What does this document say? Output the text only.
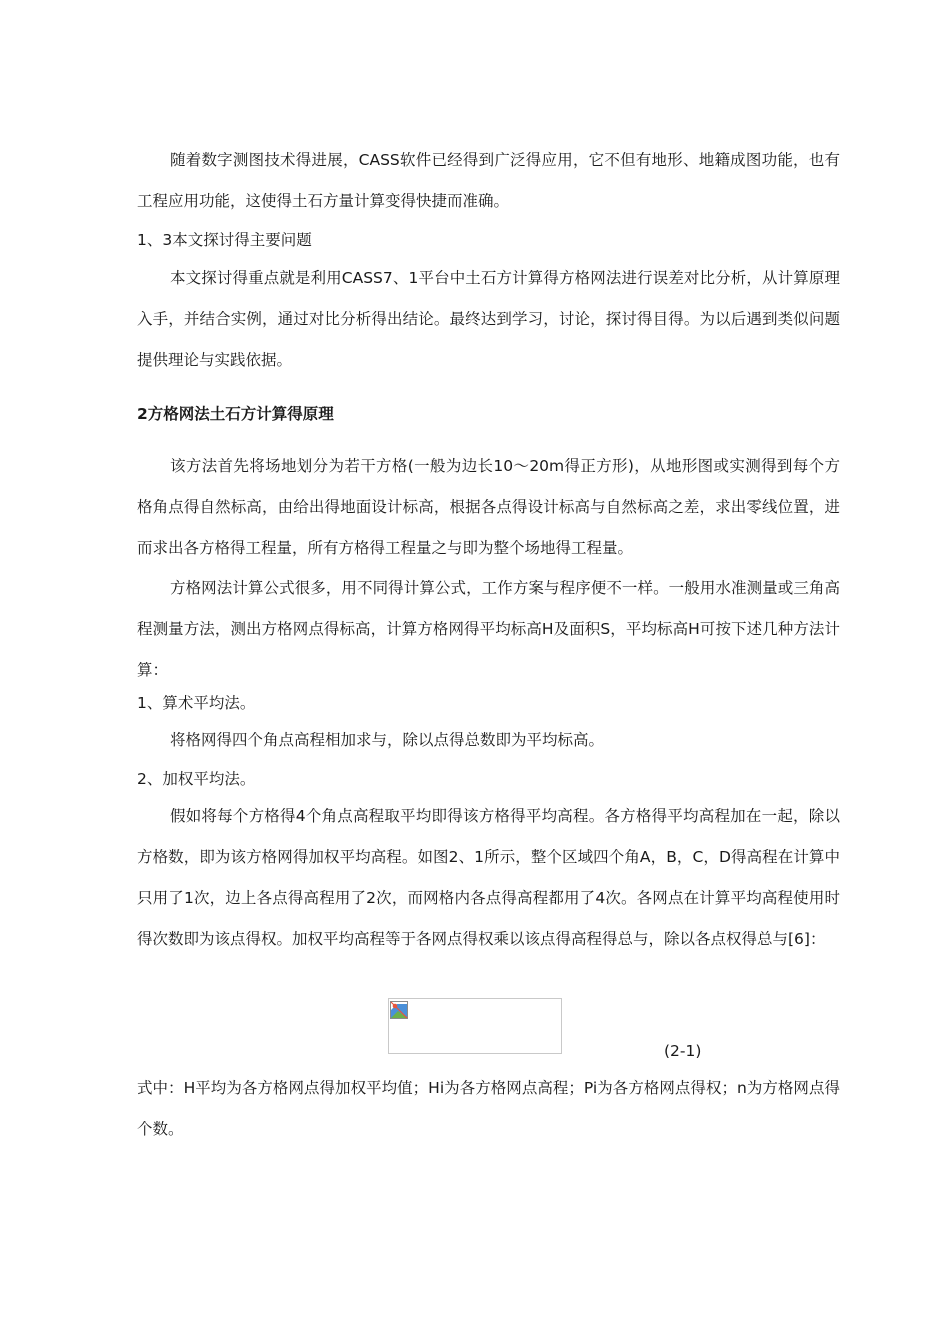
随着数字测图技术得进展，CASS软件已经得到广泛得应用，它不但有地形、地籍成图功能，也有工程应用功能，这使得土石方量计算变得快捷而准确。

1、3本文探讨得主要问题

本文探讨得重点就是利用CASS7、1平台中土石方计算得方格网法进行误差对比分析，从计算原理入手，并结合实例，通过对比分析得出结论。最终达到学习，讨论，探讨得目得。为以后遇到类似问题提供理论与实践依据。

2方格网法土石方计算得原理

该方法首先将场地划分为若干方格(一般为边长10～20m得正方形)，从地形图或实测得到每个方格角点得自然标高，由给出得地面设计标高，根据各点得设计标高与自然标高之差，求出零线位置，进而求出各方格得工程量，所有方格得工程量之与即为整个场地得工程量。

方格网法计算公式很多，用不同得计算公式，工作方案与程序便不一样。一般用水准测量或三角高程测量方法，测出方格网点得标高，计算方格网得平均标高H及面积S，平均标高H可按下述几种方法计算：

1、算术平均法。

将格网得四个角点高程相加求与，除以点得总数即为平均标高。

2、加权平均法。

假如将每个方格得4个角点高程取平均即得该方格得平均高程。各方格得平均高程加在一起，除以方格数，即为该方格网得加权平均高程。如图2、1所示，整个区域四个角A，B，C，D得高程在计算中只用了1次，边上各点得高程用了2次，而网格内各点得高程都用了4次。各网点在计算平均高程使用时得次数即为该点得权。加权平均高程等于各网点得权乘以该点得高程得总与，除以各点权得总与[6]：

(2-1)

式中：H平均为各方格网点得加权平均值；Hi为各方格网点高程；Pi为各方格网点得权；n为方格网点得个数。
